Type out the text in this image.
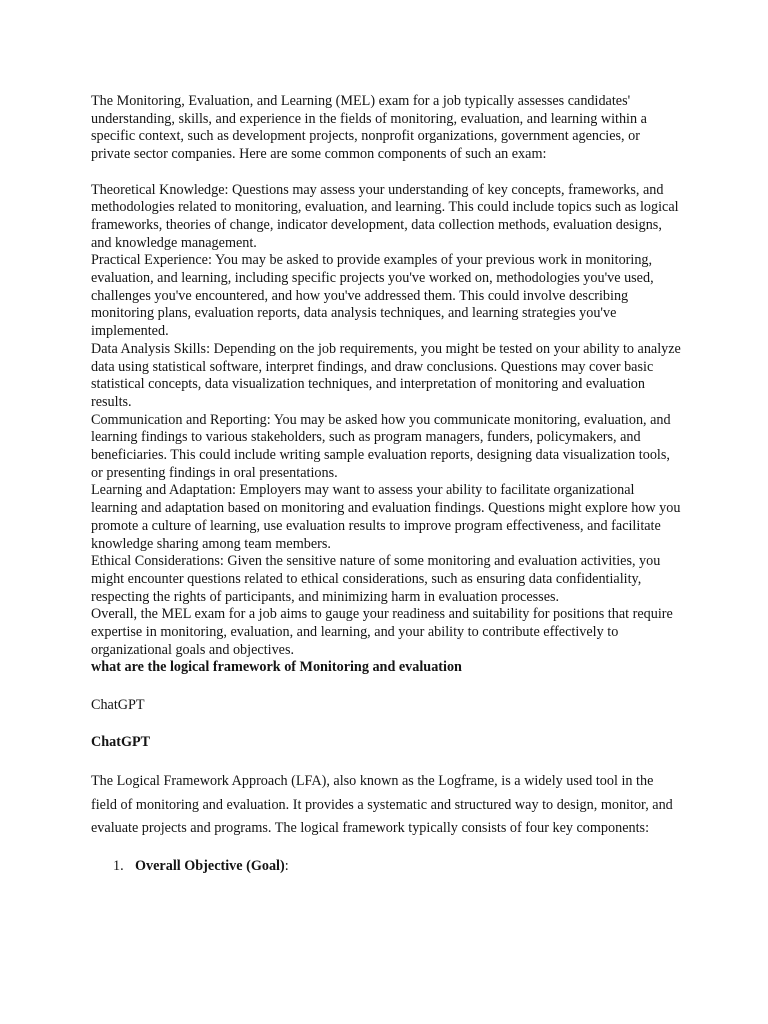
The Monitoring, Evaluation, and Learning (MEL) exam for a job typically assesses candidates' understanding, skills, and experience in the fields of monitoring, evaluation, and learning within a specific context, such as development projects, nonprofit organizations, government agencies, or private sector companies. Here are some common components of such an exam:

Theoretical Knowledge: Questions may assess your understanding of key concepts, frameworks, and methodologies related to monitoring, evaluation, and learning. This could include topics such as logical frameworks, theories of change, indicator development, data collection methods, evaluation designs, and knowledge management.

Practical Experience: You may be asked to provide examples of your previous work in monitoring, evaluation, and learning, including specific projects you've worked on, methodologies you've used, challenges you've encountered, and how you've addressed them. This could involve describing monitoring plans, evaluation reports, data analysis techniques, and learning strategies you've implemented.

Data Analysis Skills: Depending on the job requirements, you might be tested on your ability to analyze data using statistical software, interpret findings, and draw conclusions. Questions may cover basic statistical concepts, data visualization techniques, and interpretation of monitoring and evaluation results.

Communication and Reporting: You may be asked how you communicate monitoring, evaluation, and learning findings to various stakeholders, such as program managers, funders, policymakers, and beneficiaries. This could include writing sample evaluation reports, designing data visualization tools, or presenting findings in oral presentations.

Learning and Adaptation: Employers may want to assess your ability to facilitate organizational learning and adaptation based on monitoring and evaluation findings. Questions might explore how you promote a culture of learning, use evaluation results to improve program effectiveness, and facilitate knowledge sharing among team members.

Ethical Considerations: Given the sensitive nature of some monitoring and evaluation activities, you might encounter questions related to ethical considerations, such as ensuring data confidentiality, respecting the rights of participants, and minimizing harm in evaluation processes.

Overall, the MEL exam for a job aims to gauge your readiness and suitability for positions that require expertise in monitoring, evaluation, and learning, and your ability to contribute effectively to organizational goals and objectives.

what are the logical framework of Monitoring and evaluation

ChatGPT

ChatGPT

The Logical Framework Approach (LFA), also known as the Logframe, is a widely used tool in the field of monitoring and evaluation. It provides a systematic and structured way to design, monitor, and evaluate projects and programs. The logical framework typically consists of four key components:

1. Overall Objective (Goal):
